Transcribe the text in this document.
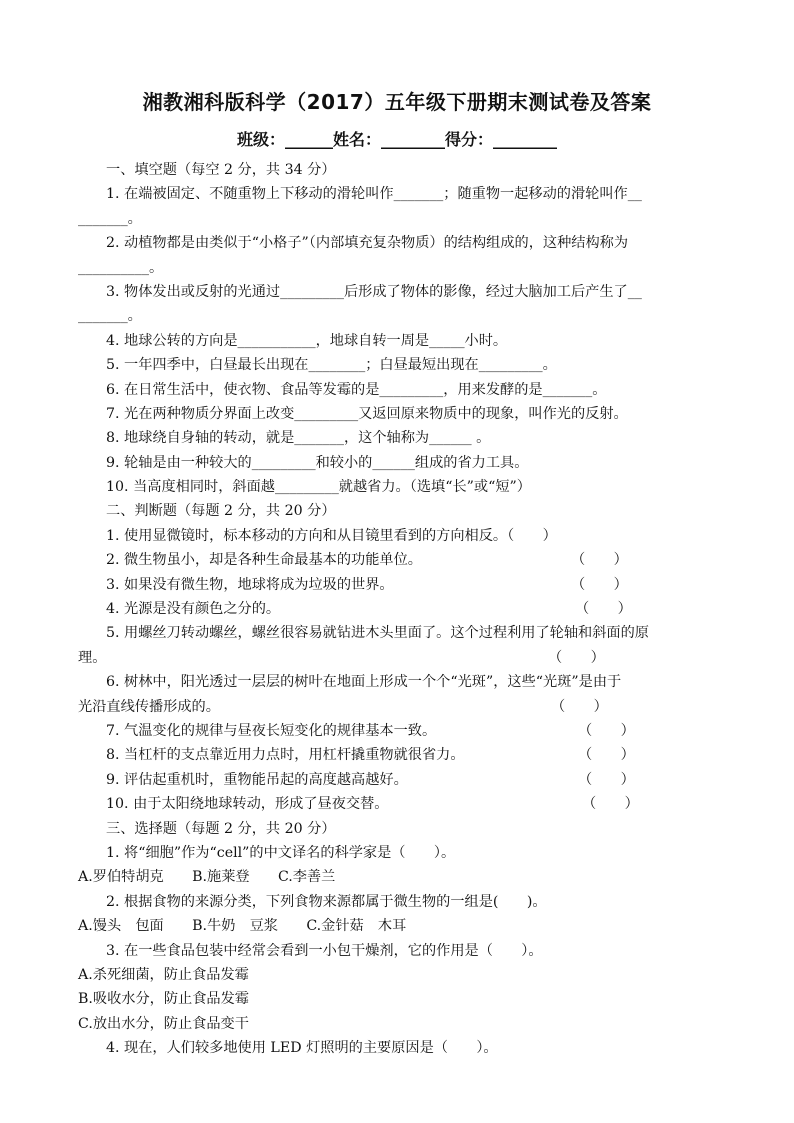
湘教湘科版科学（2017）五年级下册期末测试卷及答案
班级：______姓名：________得分：________
一、填空题（每空 2 分，共 34 分）
1. 在端被固定、不随重物上下移动的滑轮叫作_______；随重物一起移动的滑轮叫作__
_______。
2. 动植物都是由类似于“小格子”（内部填充复杂物质）的结构组成的，这种结构称为
__________。
3. 物体发出或反射的光通过_________后形成了物体的影像，经过大脑加工后产生了__
_______。
4. 地球公转的方向是___________，地球自转一周是_____小时。
5. 一年四季中，白昼最长出现在________；白昼最短出现在_________。
6. 在日常生活中，使衣物、食品等发霉的是_________，用来发酵的是_______。
7. 光在两种物质分界面上改变_________又返回原来物质中的现象，叫作光的反射。
8. 地球绕自身轴的转动，就是_______，这个轴称为______ 。
9. 轮轴是由一种较大的_________和较小的______组成的省力工具。
10. 当高度相同时，斜面越_________就越省力。（选填“长”或“短”）
二、判断题（每题 2 分，共 20 分）
1. 使用显微镜时，标本移动的方向和从目镜里看到的方向相反。（　　）
2. 微生物虽小，却是各种生命最基本的功能单位。	（　　）
3. 如果没有微生物，地球将成为垃圾的世界。	（　　）
4. 光源是没有颜色之分的。	（　　）
5. 用螺丝刀转动螺丝，螺丝很容易就钻进木头里面了。这个过程利用了轮轴和斜面的原
理。	（　　）
6. 树林中，阳光透过一层层的树叶在地面上形成一个个“光斑”，这些“光斑”是由于
光沿直线传播形成的。	（　　）
7. 气温变化的规律与昼夜长短变化的规律基本一致。	（　　）
8. 当杠杆的支点靠近用力点时，用杠杆撬重物就很省力。	（　　）
9. 评估起重机时，重物能吊起的高度越高越好。	（　　）
10. 由于太阳绕地球转动，形成了昼夜交替。	（　　）
三、选择题（每题 2 分，共 20 分）
1. 将“细胞”作为“cell”的中文译名的科学家是（　　）。
A.罗伯特胡克　　B.施莱登　　C.李善兰
2. 根据食物的来源分类，下列食物来源都属于微生物的一组是(　　)。
A.馒头　包面　　B.牛奶　豆浆　　C.金针菇　木耳
3. 在一些食品包装中经常会看到一小包干燥剂，它的作用是（　　）。
A.杀死细菌，防止食品发霉
B.吸收水分，防止食品发霉
C.放出水分，防止食品变干
4. 现在，人们较多地使用 LED 灯照明的主要原因是（　　）。
